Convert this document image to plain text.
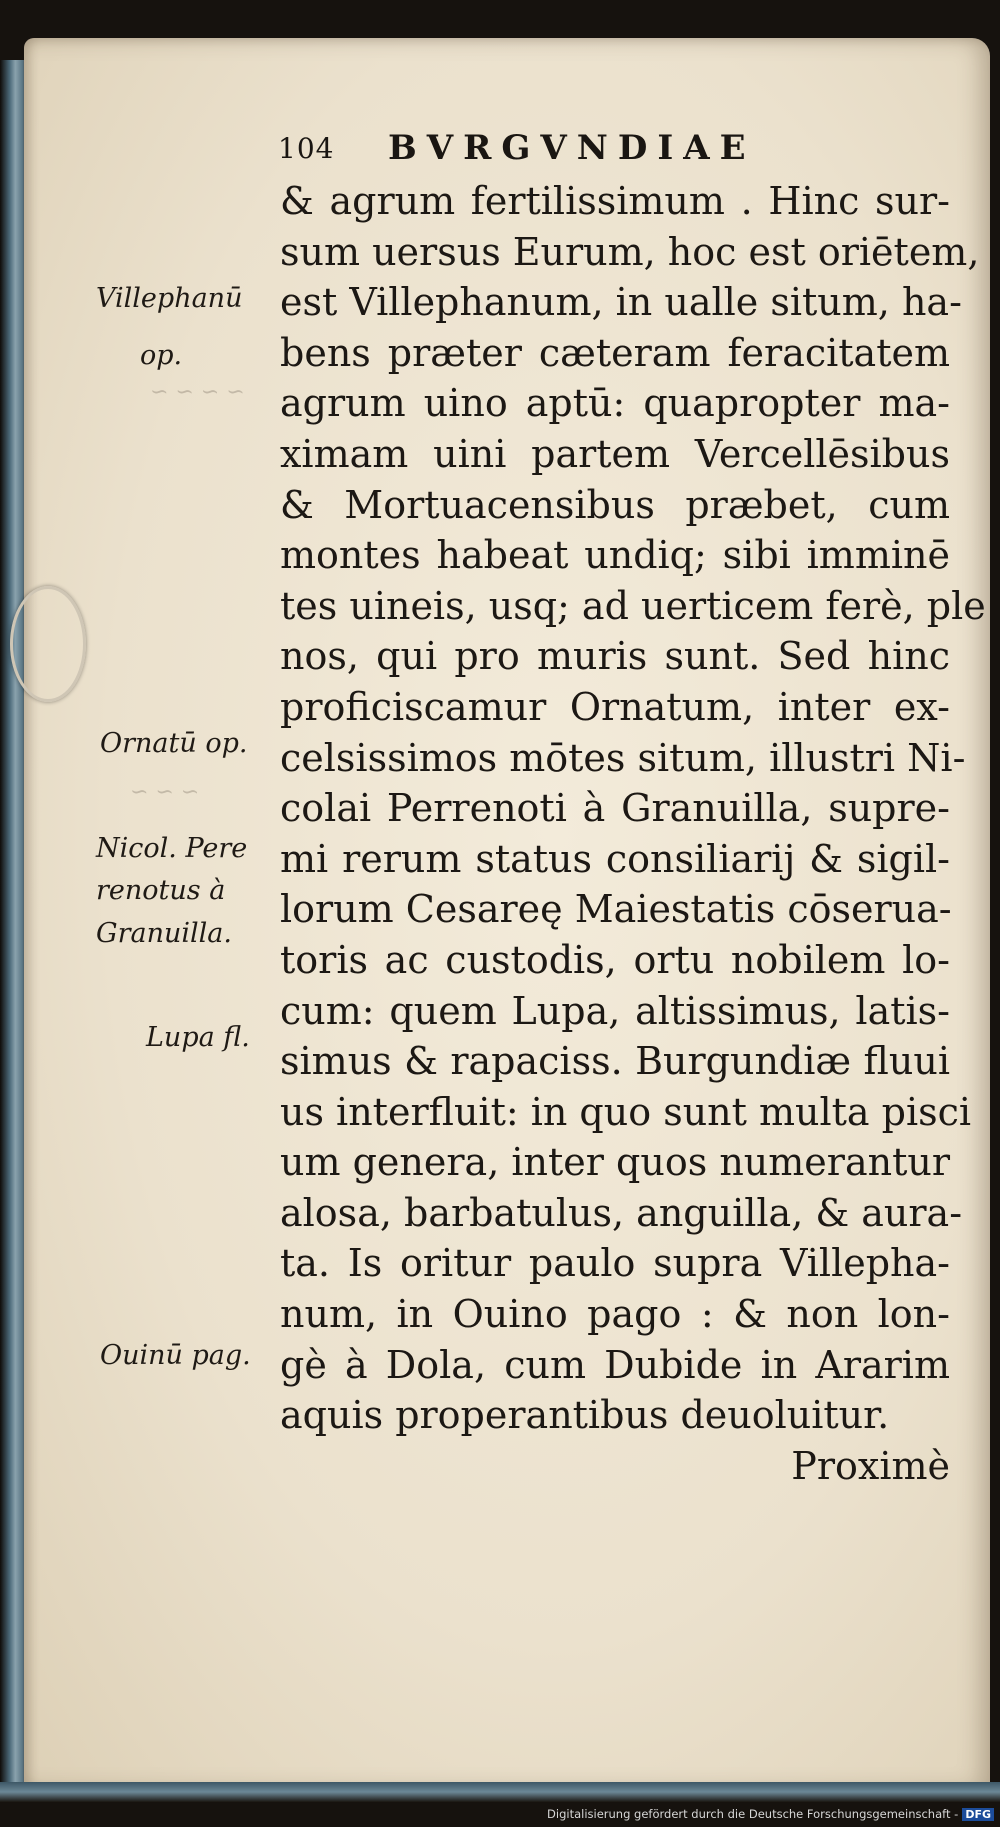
~ ~ ~ ~
~ ~ ~
104 BVRGVNDIAE
& agrum fertilissimum . Hinc sur-
sum uersus Eurum, hoc est oriētem,
est Villephanum, in ualle situm, ha-
bens præter cæteram feracitatem
agrum uino aptū: quapropter ma-
ximam uini partem Vercellēsibus
& Mortuacensibus præbet, cum
montes habeat undiq; sibi imminē
tes uineis, usq; ad uerticem ferè, ple
nos, qui pro muris sunt. Sed hinc
proficiscamur Ornatum, inter ex-
celsissimos mōtes situm, illustri Ni-
colai Perrenoti à Granuilla, supre-
mi rerum status consiliarij & sigil-
lorum Cesareę Maiestatis cōserua-
toris ac custodis, ortu nobilem lo-
cum: quem Lupa, altissimus, latis-
simus & rapaciss. Burgundiæ fluui
us interfluit: in quo sunt multa pisci
um genera, inter quos numerantur
alosa, barbatulus, anguilla, & aura-
ta. Is oritur paulo supra Villepha-
num, in Ouino pago : & non lon-
gè à Dola, cum Dubide in Ararim
aquis properantibus deuoluitur.
Proximè
Villephanū
op.
Ornatū op.
Nicol. Pere
renotus à
Granuilla.
Lupa fl.
Ouinū pag.
Digitalisierung gefördert durch die Deutsche Forschungsgemeinschaft - DFG
